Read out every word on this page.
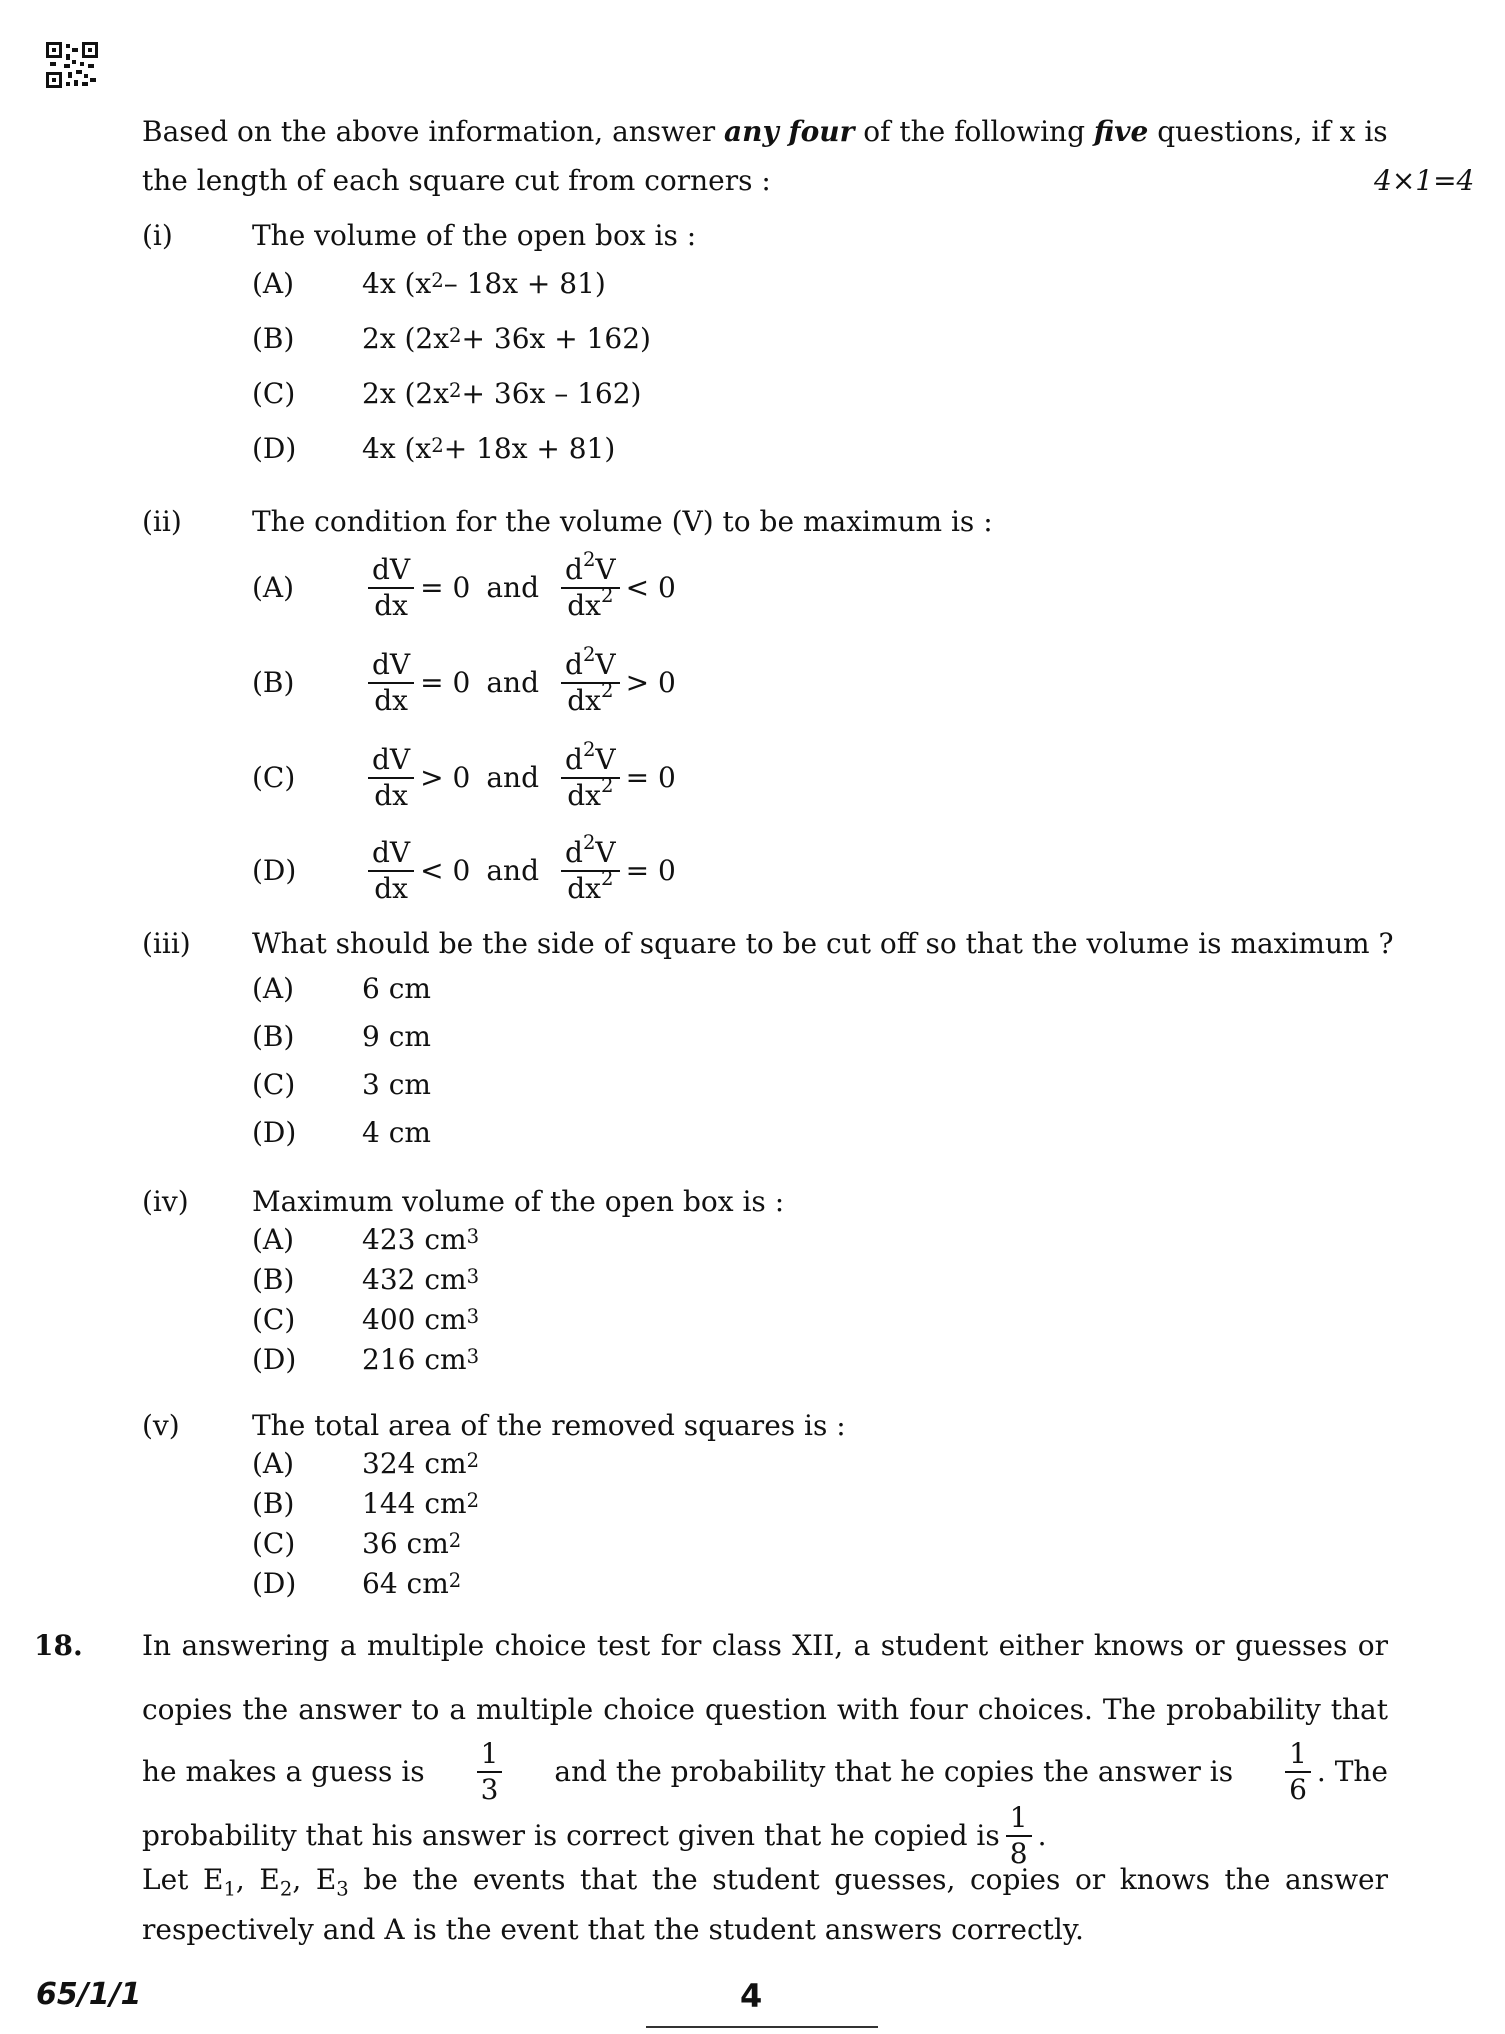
Based on the above information, answer any four of the following five questions, if x is
the length of each square cut from corners :	4×1=4
(i)	The volume of the open box is :
(A)	4x $(x^2 - 18x + 81)$
(B)	2x $(2x^2 + 36x + 162)$
(C)	2x $(2x^2 + 36x - 162)$
(D)	4x $(x^2 + 18x + 81)$
(ii)	The condition for the volume (V) to be maximum is :
(A)	$\frac{dV}{dx} = 0$ and $\frac{d^2V}{dx^2} < 0$
(B)	$\frac{dV}{dx} = 0$ and $\frac{d^2V}{dx^2} > 0$
(C)	$\frac{dV}{dx} > 0$ and $\frac{d^2V}{dx^2} = 0$
(D)	$\frac{dV}{dx} < 0$ and $\frac{d^2V}{dx^2} = 0$
(iii) What should be the side of square to be cut off so that the volume is maximum ?
(A)	6 cm
(B)	9 cm
(C)	3 cm
(D)	4 cm
(iv) Maximum volume of the open box is :
(A)	423 $cm^3$
(B)	432 $cm^3$
(C)	400 $cm^3$
(D)	216 $cm^3$
(v)	The total area of the removed squares is :
(A)	324 $cm^2$
(B)	144 $cm^2$
(C)	36 $cm^2$
(D)	64 $cm^2$
18. In answering a multiple choice test for class XII, a student either knows or guesses or
copies the answer to a multiple choice question with four choices. The probability that
he makes a guess is $\frac{1}{3}$ and the probability that he copies the answer is $\frac{1}{6}$ . The
probability that his answer is correct given that he copied is $\frac{1}{8}$ .
Let $E_1$, $E_2$, $E_3$ be the events that the student guesses, copies or knows the answer
respectively and A is the event that the student answers correctly.
65/1/1	4
